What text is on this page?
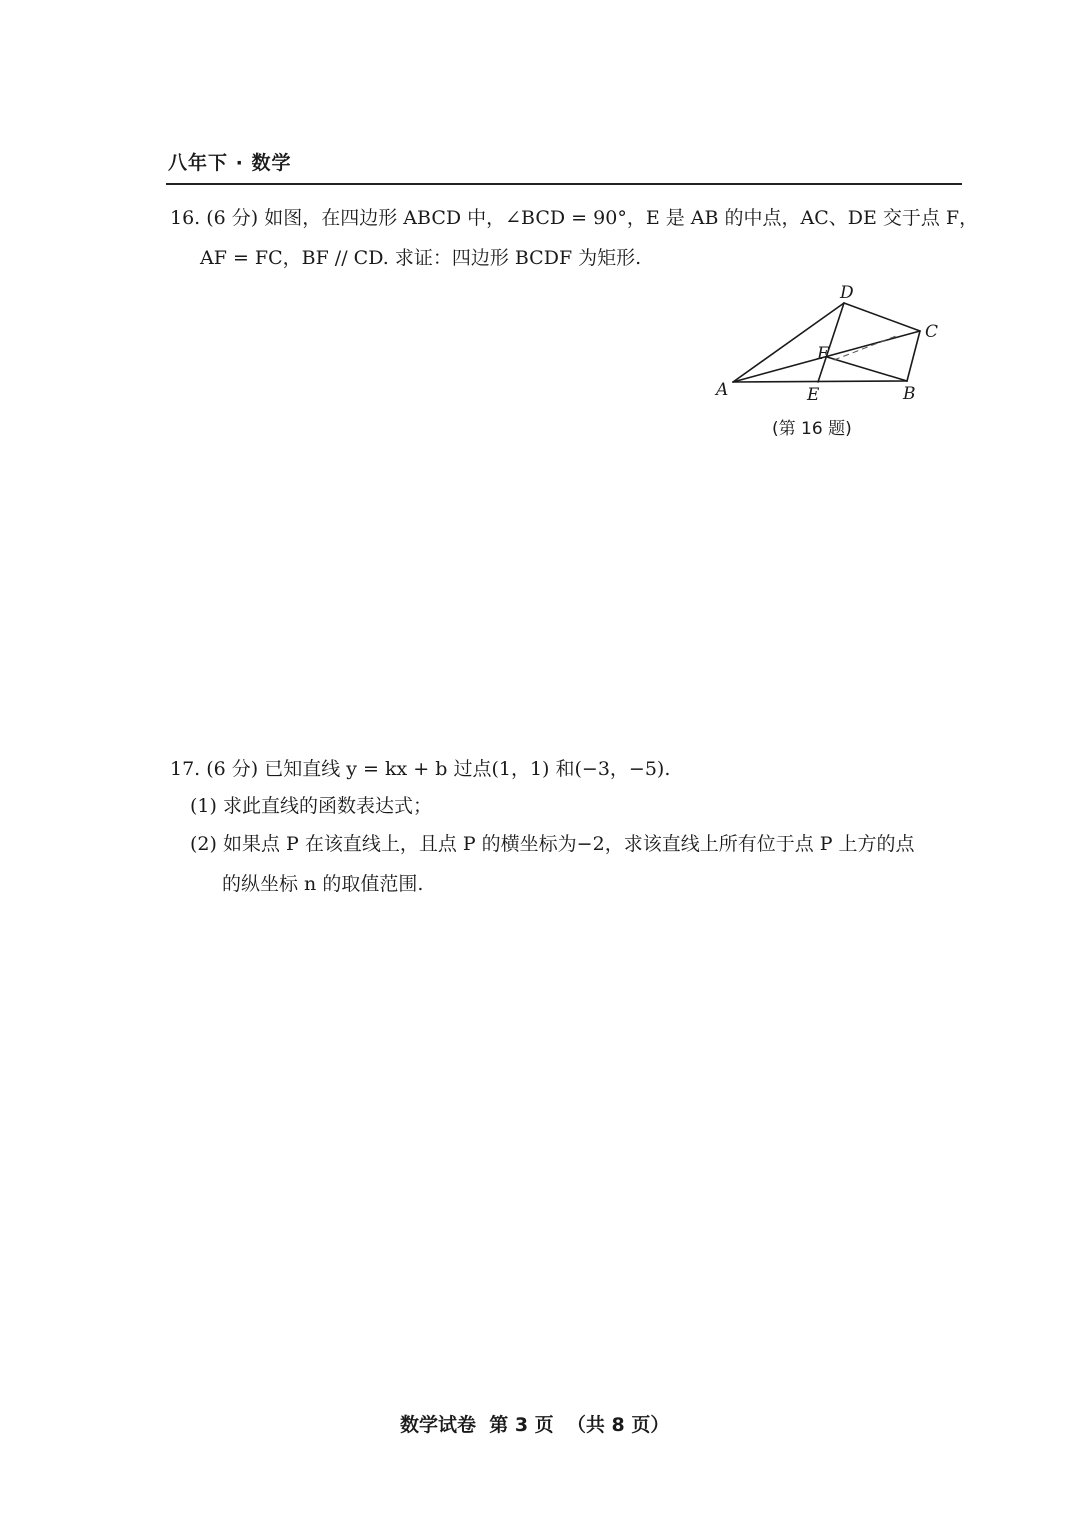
八年下 · 数学
16. (6 分) 如图，在四边形 ABCD 中，∠BCD = 90°，E 是 AB 的中点，AC、DE 交于点 F，
AF = FC，BF // CD. 求证：四边形 BCDF 为矩形.
D
C
F
A	E	B
(第 16 题)
17. (6 分) 已知直线 y = kx + b 过点(1，1) 和(−3，−5).
(1) 求此直线的函数表达式；
(2) 如果点 P 在该直线上，且点 P 的横坐标为−2，求该直线上所有位于点 P 上方的点
的纵坐标 n 的取值范围.
数学试卷  第 3 页  （共 8 页）
